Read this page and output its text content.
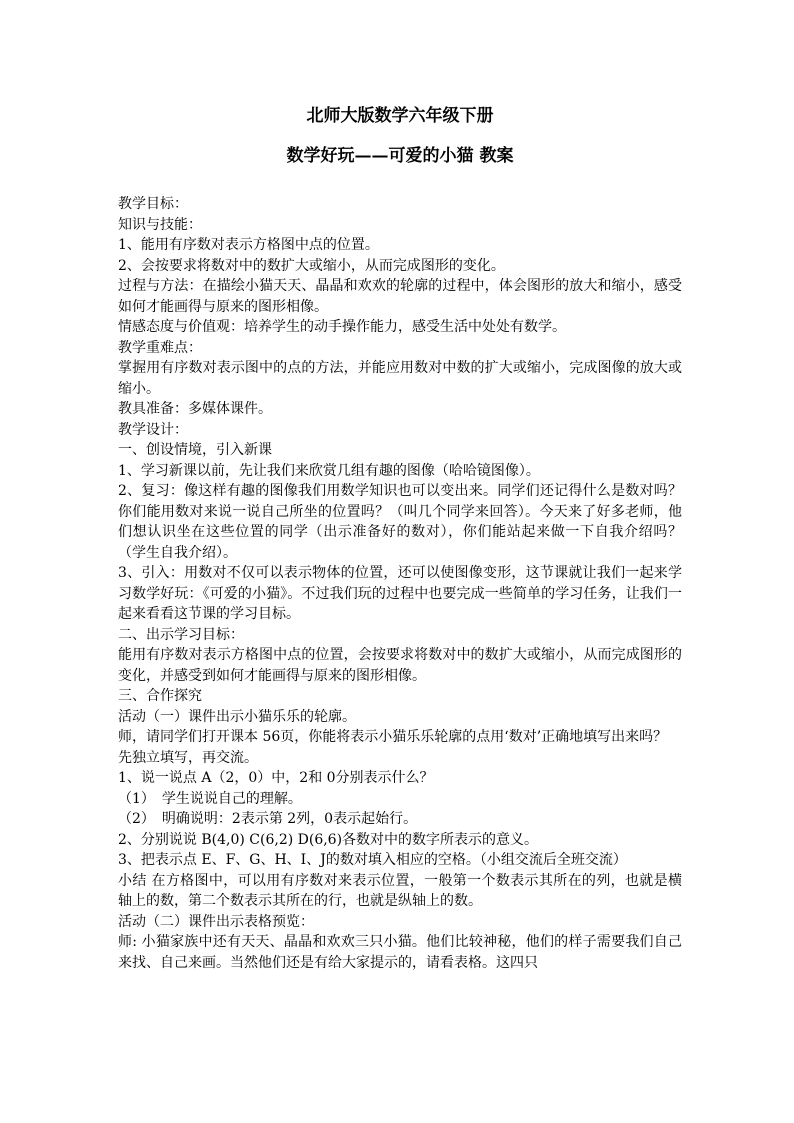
北师大版数学六年级下册
数学好玩——可爱的小猫 教案

教学目标：

知识与技能：

1、能用有序数对表示方格图中点的位置。

2、会按要求将数对中的数扩大或缩小，从而完成图形的变化。

过程与方法：在描绘小猫天天、晶晶和欢欢的轮廓的过程中，体会图形的放大和缩小，感受如何才能画得与原来的图形相像。

情感态度与价值观：培养学生的动手操作能力，感受生活中处处有数学。

教学重难点：

掌握用有序数对表示图中的点的方法，并能应用数对中数的扩大或缩小，完成图像的放大或缩小。

教具准备：多媒体课件。

教学设计：

一、创设情境，引入新课

1、学习新课以前，先让我们来欣赏几组有趣的图像（哈哈镜图像）。

2、复习：像这样有趣的图像我们用数学知识也可以变出来。同学们还记得什么是数对吗？你们能用数对来说一说自己所坐的位置吗？（叫几个同学来回答）。今天来了好多老师，他们想认识坐在这些位置的同学（出示准备好的数对），你们能站起来做一下自我介绍吗？（学生自我介绍）。

3、引入：用数对不仅可以表示物体的位置，还可以使图像变形，这节课就让我们一起来学习数学好玩：《可爱的小猫》。不过我们玩的过程中也要完成一些简单的学习任务，让我们一起来看看这节课的学习目标。

二、出示学习目标：

能用有序数对表示方格图中点的位置，会按要求将数对中的数扩大或缩小，从而完成图形的变化，并感受到如何才能画得与原来的图形相像。

三、合作探究

活动（一）课件出示小猫乐乐的轮廓。

师，请同学们打开课本 56页，你能将表示小猫乐乐轮廓的点用‘数对’正确地填写出来吗？

先独立填写，再交流。

1、说一说点 A（2，0）中，2和 0分别表示什么？

（1）　学生说说自己的理解。

（2）　明确说明：2表示第 2列，0表示起始行。

2、分别说说 B(4,0) C(6,2) D(6,6)各数对中的数字所表示的意义。

3、把表示点 E、F、G、H、I、J的数对填入相应的空格。（小组交流后全班交流）

小结 在方格图中，可以用有序数对来表示位置，一般第一个数表示其所在的列，也就是横轴上的数，第二个数表示其所在的行，也就是纵轴上的数。

活动（二）课件出示表格预览：

师: 小猫家族中还有天天、晶晶和欢欢三只小猫。他们比较神秘，他们的样子需要我们自己来找、自己来画。当然他们还是有给大家提示的，请看表格。这四只
